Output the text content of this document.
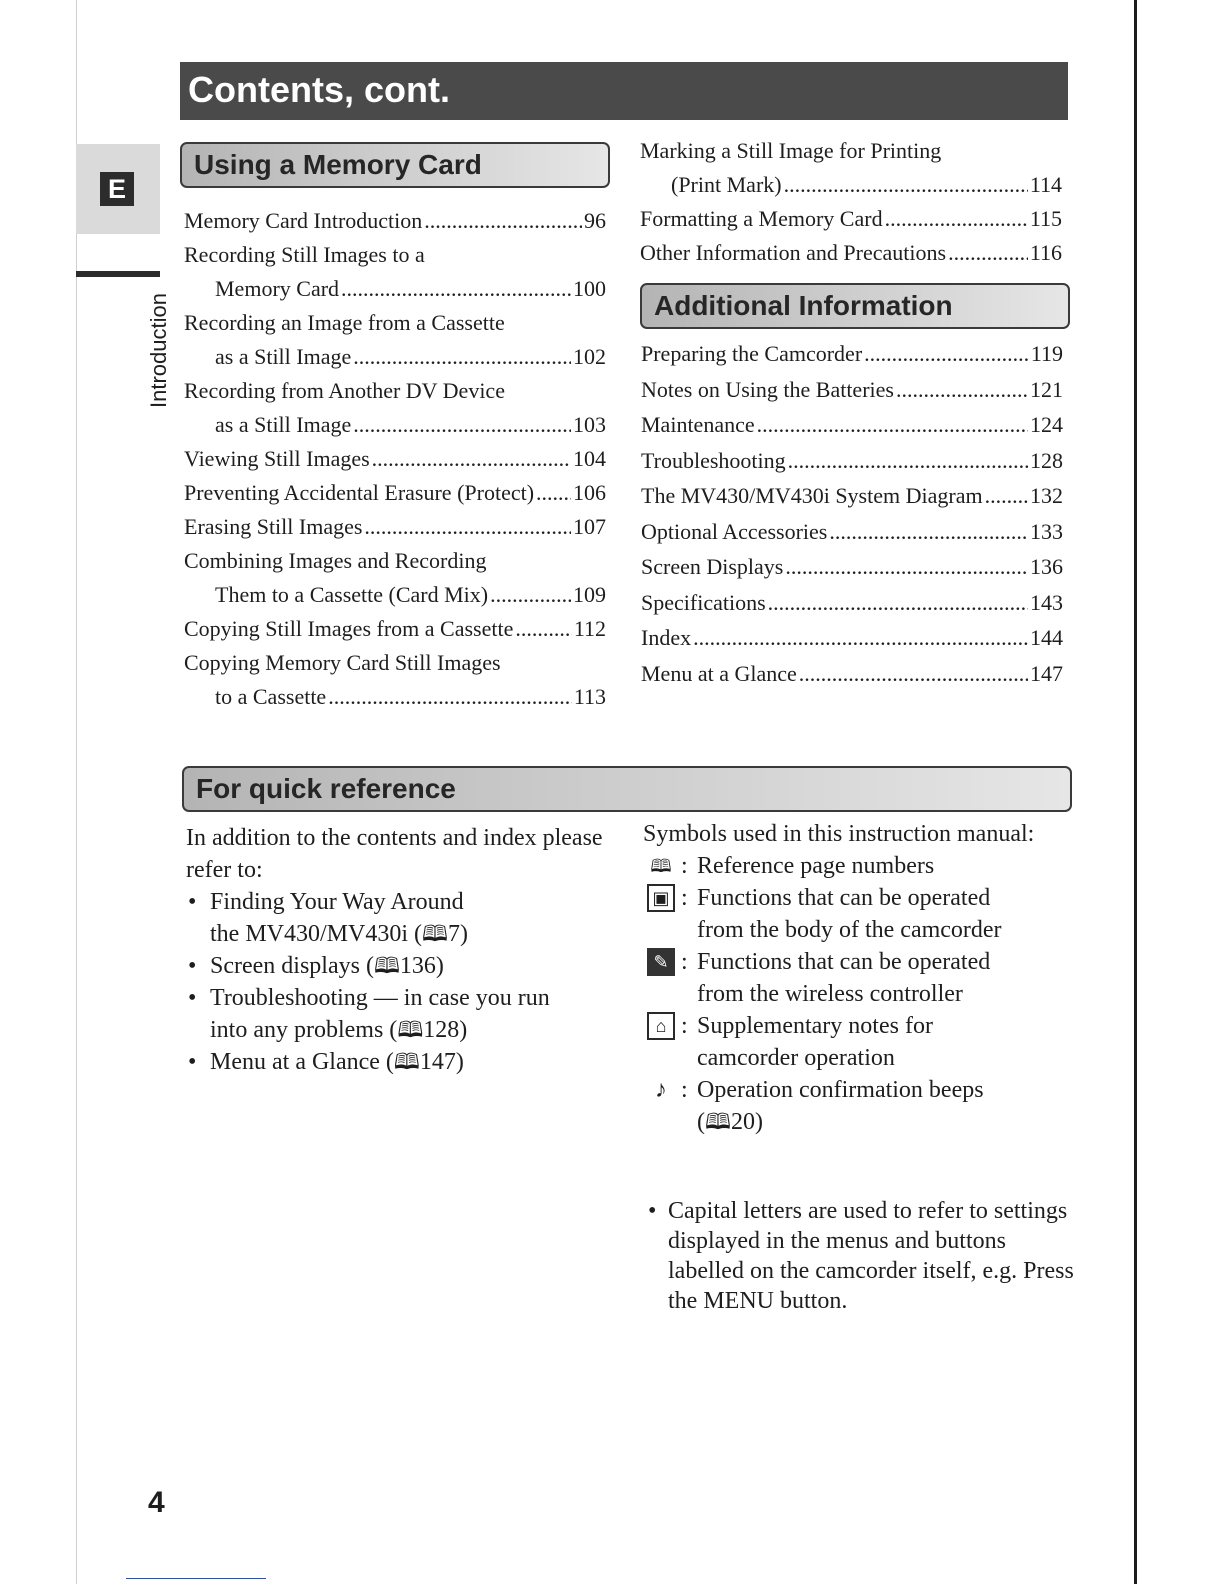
Contents, cont.
E
Introduction
Using a Memory Card
Memory Card Introduction .....	96
Recording Still Images to a
Memory Card .....	100
Recording an Image from a Cassette
as a Still Image .....	102
Recording from Another DV Device
as a Still Image .....	103
Viewing Still Images .....	104
Preventing Accidental Erasure (Protect) ..... 106
Erasing Still Images .....	107
Combining Images and Recording
Them to a Cassette (Card Mix) .....	109
Copying Still Images from a Cassette .....	112
Copying Memory Card Still Images
to a Cassette .....	113
Marking a Still Image for Printing
(Print Mark) .....	114
Formatting a Memory Card .....	115
Other Information and Precautions .....	116
Additional Information
Preparing the Camcorder .....	119
Notes on Using the Batteries .....	121
Maintenance .....	124
Troubleshooting .....	128
The MV430/MV430i System Diagram ..... 132
Optional Accessories .....	133
Screen Displays .....	136
Specifications .....	143
Index .....	144
Menu at a Glance .....	147
For quick reference
In addition to the contents and index please refer to:
• Finding Your Way Around
the MV430/MV430i (🕮7)
• Screen displays (🕮136)
• Troubleshooting — in case you run
into any problems (🕮128)
• Menu at a Glance (🕮147)
Symbols used in this instruction manual:
🕮 : Reference page numbers
▣ : Functions that can be operated
from the body of the camcorder
✎ : Functions that can be operated
from the wireless controller
⌂ : Supplementary notes for
camcorder operation
♪ : Operation confirmation beeps
(🕮20)
• Capital letters are used to refer to settings displayed in the menus and buttons labelled on the camcorder itself, e.g. Press the MENU button.
4
